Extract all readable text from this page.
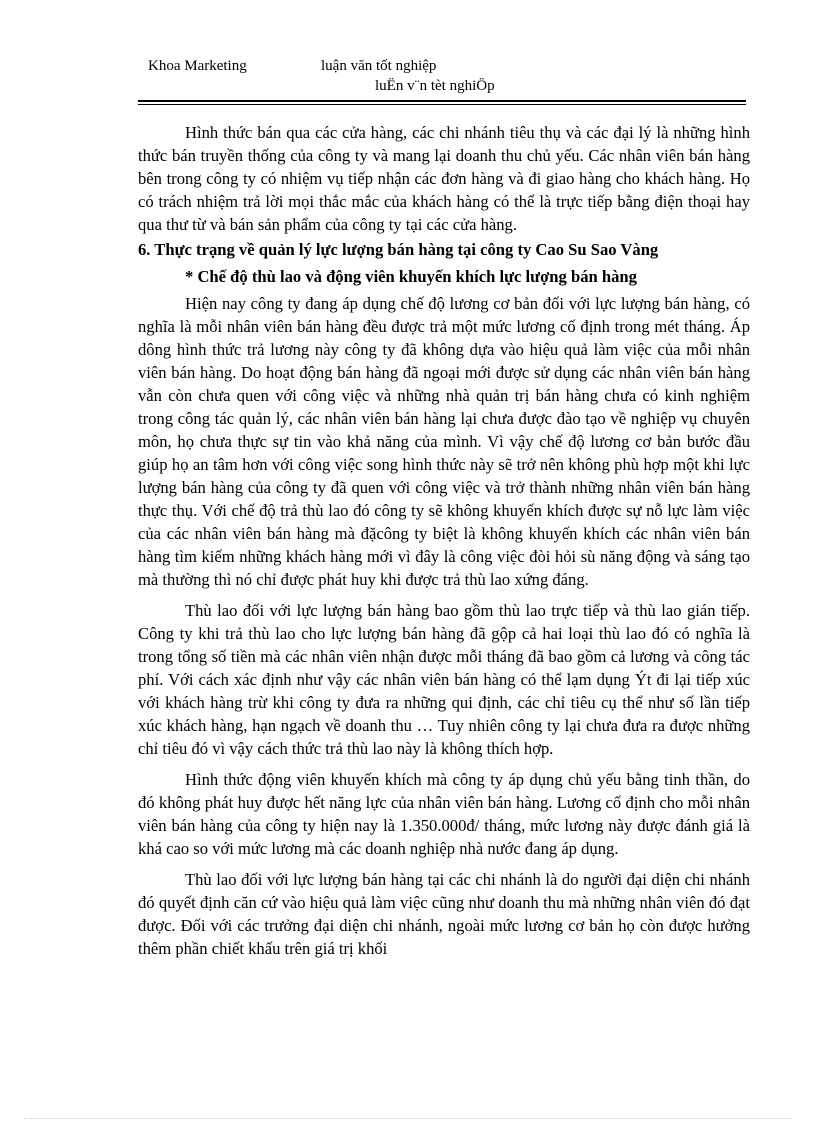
Khoa Marketing	luận văn tốt nghiệp
luËn v¨n tèt nghiÖp

Hình thức bán qua các cửa hàng, các chi nhánh tiêu thụ và các đại lý là những hình thức bán truyền thống của công ty và mang lại doanh thu chủ yếu. Các nhân viên bán hàng bên trong công ty có nhiệm vụ tiếp nhận các đơn hàng và đi giao hàng cho khách hàng. Họ có trách nhiệm trả lời mọi thắc mắc của khách hàng có thể là trực tiếp bằng điện thoại hay qua thư từ và bán sản phẩm của công ty tại các cửa hàng.

6. Thực trạng về quản lý lực lượng bán hàng tại công ty Cao Su Sao Vàng
* Chế độ thù lao và động viên khuyến khích lực lượng bán hàng

Hiện nay công ty đang áp dụng chế độ lương cơ bản đối với lực lượng bán hàng, có nghĩa là mỗi nhân viên bán hàng đều được trả một mức lương cố định trong mét tháng. Áp dông hình thức trả lương này công ty đã không dựa vào hiệu quả làm việc của mỗi nhân viên bán hàng. Do hoạt động bán hàng đã ngoại mới được sử dụng các nhân viên bán hàng vẫn còn chưa quen với công việc và những nhà quản trị bán hàng chưa có kinh nghiệm trong công tác quản lý, các nhân viên bán hàng lại chưa được đào tạo về nghiệp vụ chuyên môn, họ chưa thực sự tin vào khả năng của mình. Vì vậy chế độ lương cơ bản bước đầu giúp họ an tâm hơn với công việc song hình thức này sẽ trở nên không phù hợp một khi lực lượng bán hàng của công ty đã quen với công việc và trở thành những nhân viên bán hàng thực thụ. Với chế độ trả thù lao đó công ty sẽ không khuyến khích được sự nỗ lực làm việc của các nhân viên bán hàng mà đặcông ty biệt là không khuyến khích các nhân viên bán hàng tìm kiếm những khách hàng mới vì đây là công việc đòi hỏi sù năng động và sáng tạo mà thường thì nó chỉ được phát huy khi được trả thù lao xứng đáng.

Thù lao đối với lực lượng bán hàng bao gồm thù lao trực tiếp và thù lao gián tiếp. Công ty khi trả thù lao cho lực lượng bán hàng đã gộp cả hai loại thù lao đó có nghĩa là trong tổng số tiền mà các nhân viên nhận được mỗi tháng đã bao gồm cả lương và công tác phí. Với cách xác định như vậy các nhân viên bán hàng có thể lạm dụng Ýt đi lại tiếp xúc với khách hàng trừ khi công ty đưa ra những qui định, các chỉ tiêu cụ thể như số lần tiếp xúc khách hàng, hạn ngạch về doanh thu … Tuy nhiên công ty lại chưa đưa ra được những chỉ tiêu đó vì vậy cách thức trả thù lao này là không thích hợp.

Hình thức động viên khuyến khích mà công ty áp dụng chủ yếu bằng tinh thần, do đó không phát huy được hết năng lực của nhân viên bán hàng. Lương cố định cho mỗi nhân viên bán hàng của công ty hiện nay là 1.350.000đ/ tháng, mức lương này được đánh giá là khá cao so với mức lương mà các doanh nghiệp nhà nước đang áp dụng.

Thù lao đối với lực lượng bán hàng tại các chi nhánh là do người đại diện chi nhánh đó quyết định căn cứ vào hiệu quả làm việc cũng như doanh thu mà những nhân viên đó đạt được. Đối với các trưởng đại diện chi nhánh, ngoài mức lương cơ bản họ còn được hưởng thêm phần chiết khấu trên giá trị khối
